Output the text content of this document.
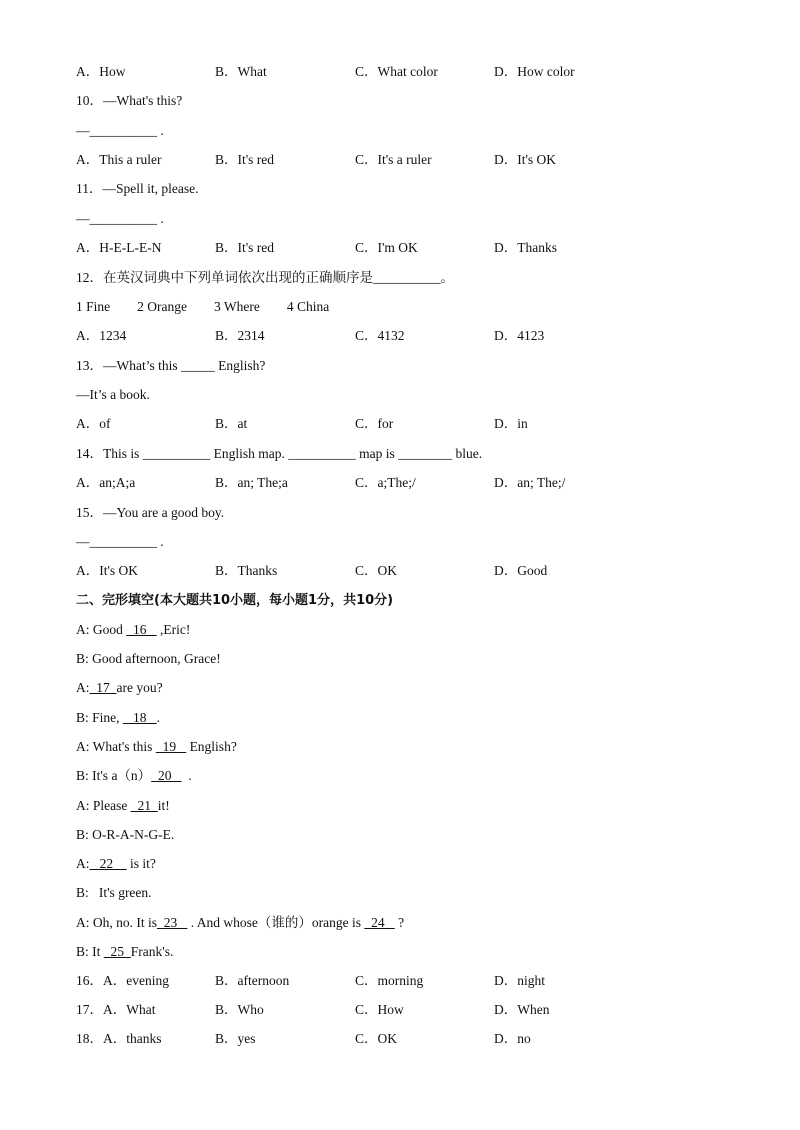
A．How	B．What	C．What color	D．How color
10．—What's this?
—__________ .
A．This a ruler	B．It's red	C．It's a ruler	D．It's OK
11．—Spell it, please.
—__________ .
A．H-E-L-E-N	B．It's red	C．I'm OK	D．Thanks
12．在英汉词典中下列单词依次出现的正确顺序是__________。
1 Fine        2 Orange        3 Where        4 China
A．1234	B．2314	C．4132	D．4123
13．—What’s this _____ English?
—It’s a book.
A．of	B．at	C．for	D．in
14．This is __________ English map. __________ map is ________ blue.
A．an;A;a	B．an; The;a	C．a;The;/	D．an; The;/
15．—You are a good boy.
—__________ .
A．It's OK	B．Thanks	C．OK	D．Good
二、完形填空(本大题共10小题，每小题1分，共10分)
A: Good   16    ,Eric!
B: Good afternoon, Grace!
A:  17  are you?
B: Fine,    18   .
A: What's this   19    English?
B: It's a（n）  20     .
A: Please   21  it!
B: O-R-A-N-G-E.
A:   22     is it?
B:   It's green.
A: Oh, no. It is  23    . And whose（谁的）orange is   24    ?
B: It   25  Frank's.
16．A．evening	B．afternoon	C．morning	D．night
17．A．What	B．Who	C．How	D．When
18．A．thanks	B．yes	C．OK	D．no
